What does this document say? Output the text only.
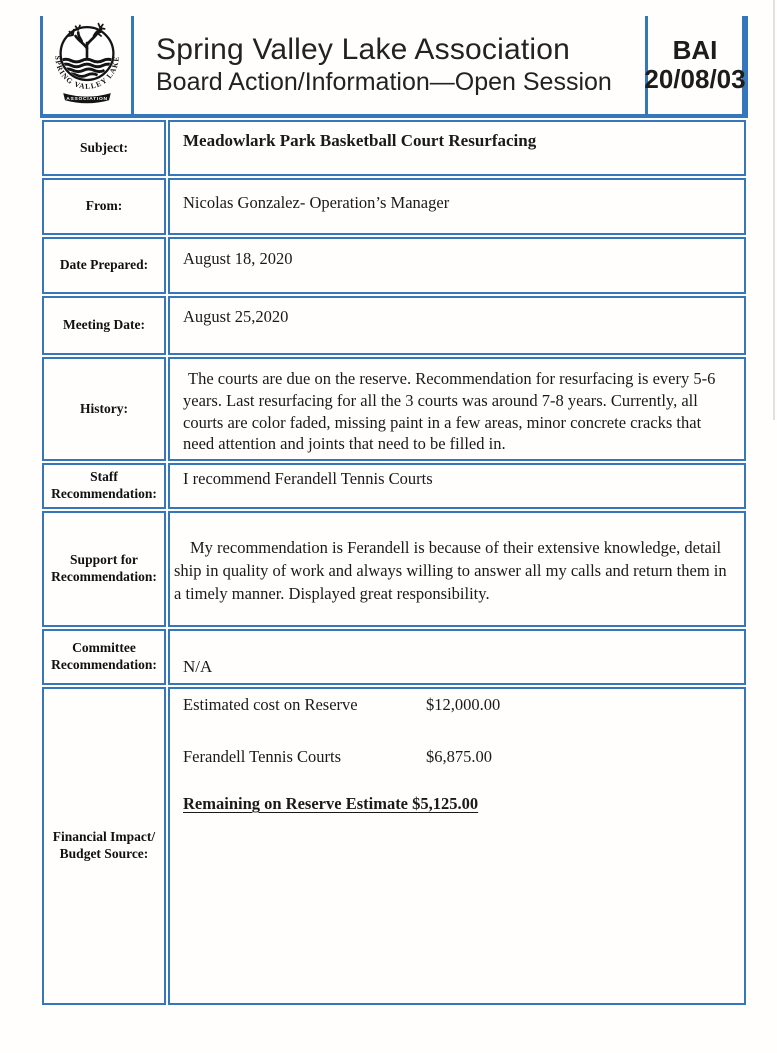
SPRING VALLEY LAKE
ASSOCIATION
Spring Valley Lake Association
Board Action/Information—Open Session
BAI
20/08/03
Subject:	Meadowlark Park Basketball Court Resurfacing
From:	Nicolas Gonzalez- Operation’s Manager
Date Prepared:	August 18, 2020
Meeting Date:	August 25,2020
History:	The courts are due on the reserve. Recommendation for resurfacing is every 5-6 years. Last resurfacing for all the 3 courts was around 7-8 years. Currently, all courts are color faded, missing paint in a few areas, minor concrete cracks that need attention and joints that need to be filled in.
Staff Recommendation:	I recommend Ferandell Tennis Courts
Support for Recommendation:	My recommendation is Ferandell is because of their extensive knowledge, detail ship in quality of work and always willing to answer all my calls and return them in a timely manner. Displayed great responsibility.
Committee Recommendation:	N/A
Financial Impact/ Budget Source:	Estimated cost on Reserve $12,000.00
Ferandell Tennis Courts $6,875.00
Remaining on Reserve Estimate $5,125.00
